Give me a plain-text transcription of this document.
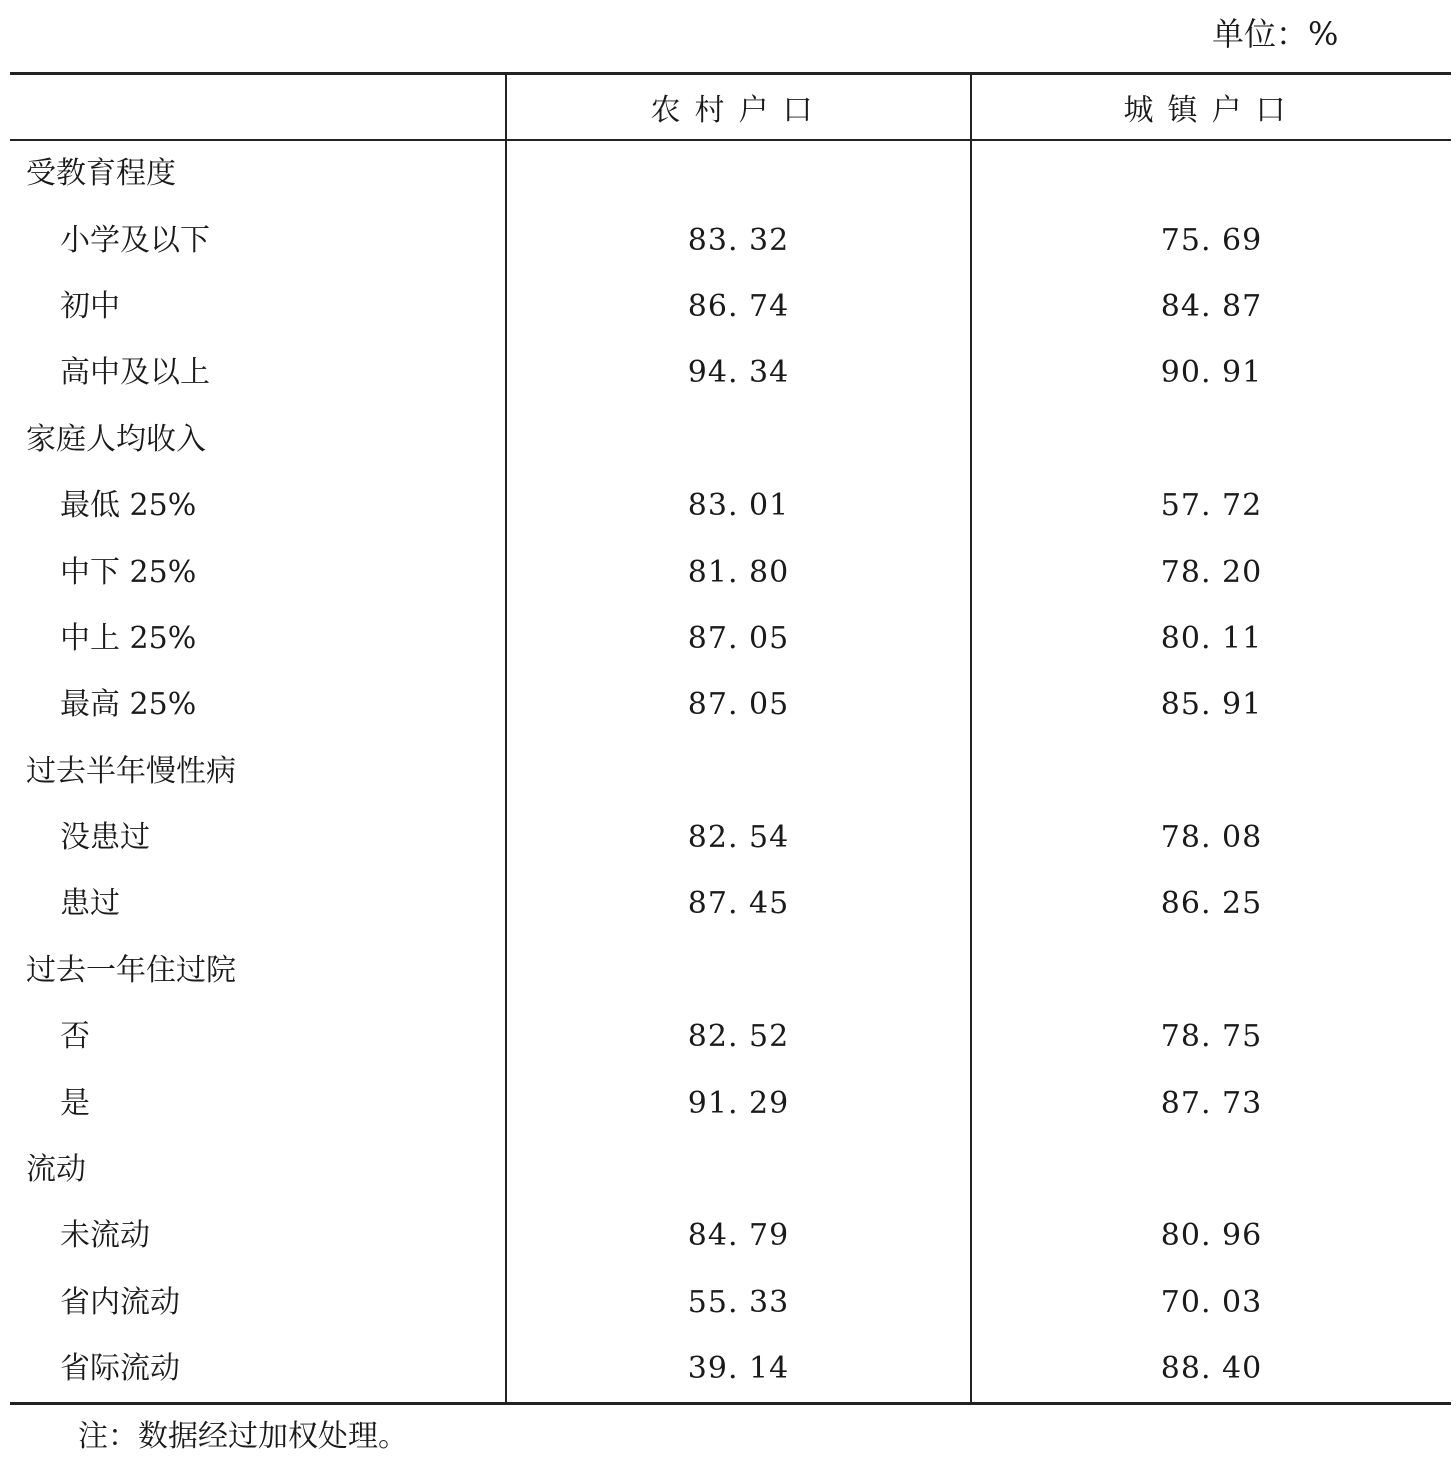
单位：%
	农村户口	城镇户口
受教育程度		
小学及以下	83. 32	75. 69
初中	86. 74	84. 87
高中及以上	94. 34	90. 91
家庭人均收入		
最低 25%	83. 01	57. 72
中下 25%	81. 80	78. 20
中上 25%	87. 05	80. 11
最高 25%	87. 05	85. 91
过去半年慢性病		
没患过	82. 54	78. 08
患过	87. 45	86. 25
过去一年住过院		
否	82. 52	78. 75
是	91. 29	87. 73
流动		
未流动	84. 79	80. 96
省内流动	55. 33	70. 03
省际流动	39. 14	88. 40
注：数据经过加权处理。
